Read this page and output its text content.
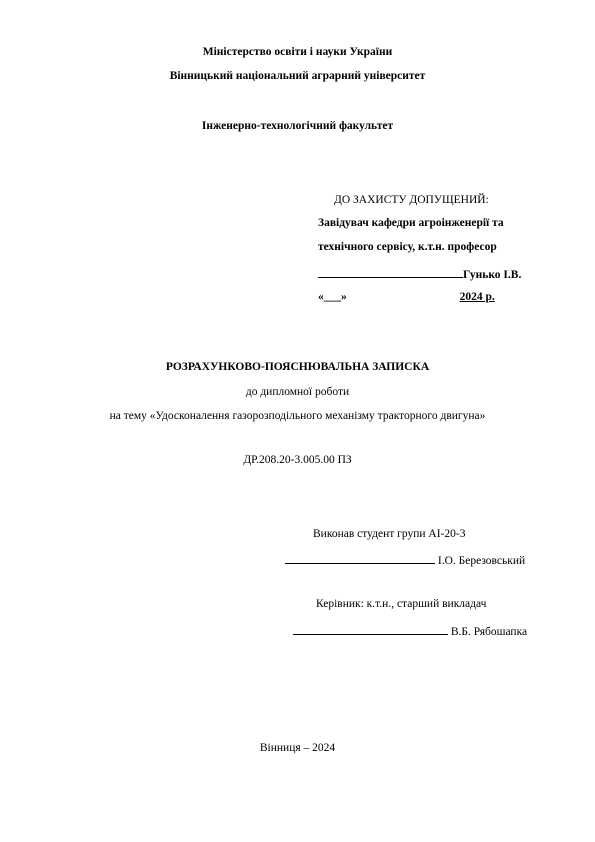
Міністерство освіти і науки України
Вінницький національний аграрний університет
Інженерно-технологічний факультет
ДО ЗАХИСТУ ДОПУЩЕНИЙ:
Завідувач кафедри агроінженерії та
технічного сервісу, к.т.н. професор
Гунько І.В.
«___»	2024 р.
РОЗРАХУНКОВО-ПОЯСНЮВАЛЬНА ЗАПИСКА
до дипломної роботи
на тему «Удосконалення газорозподільного механізму тракторного двигуна»
ДР.208.20-3.005.00 ПЗ
Виконав студент групи АІ-20-3
І.О. Березовський
Керівник: к.т.н., старший викладач
В.Б. Рябошапка
Вінниця – 2024
